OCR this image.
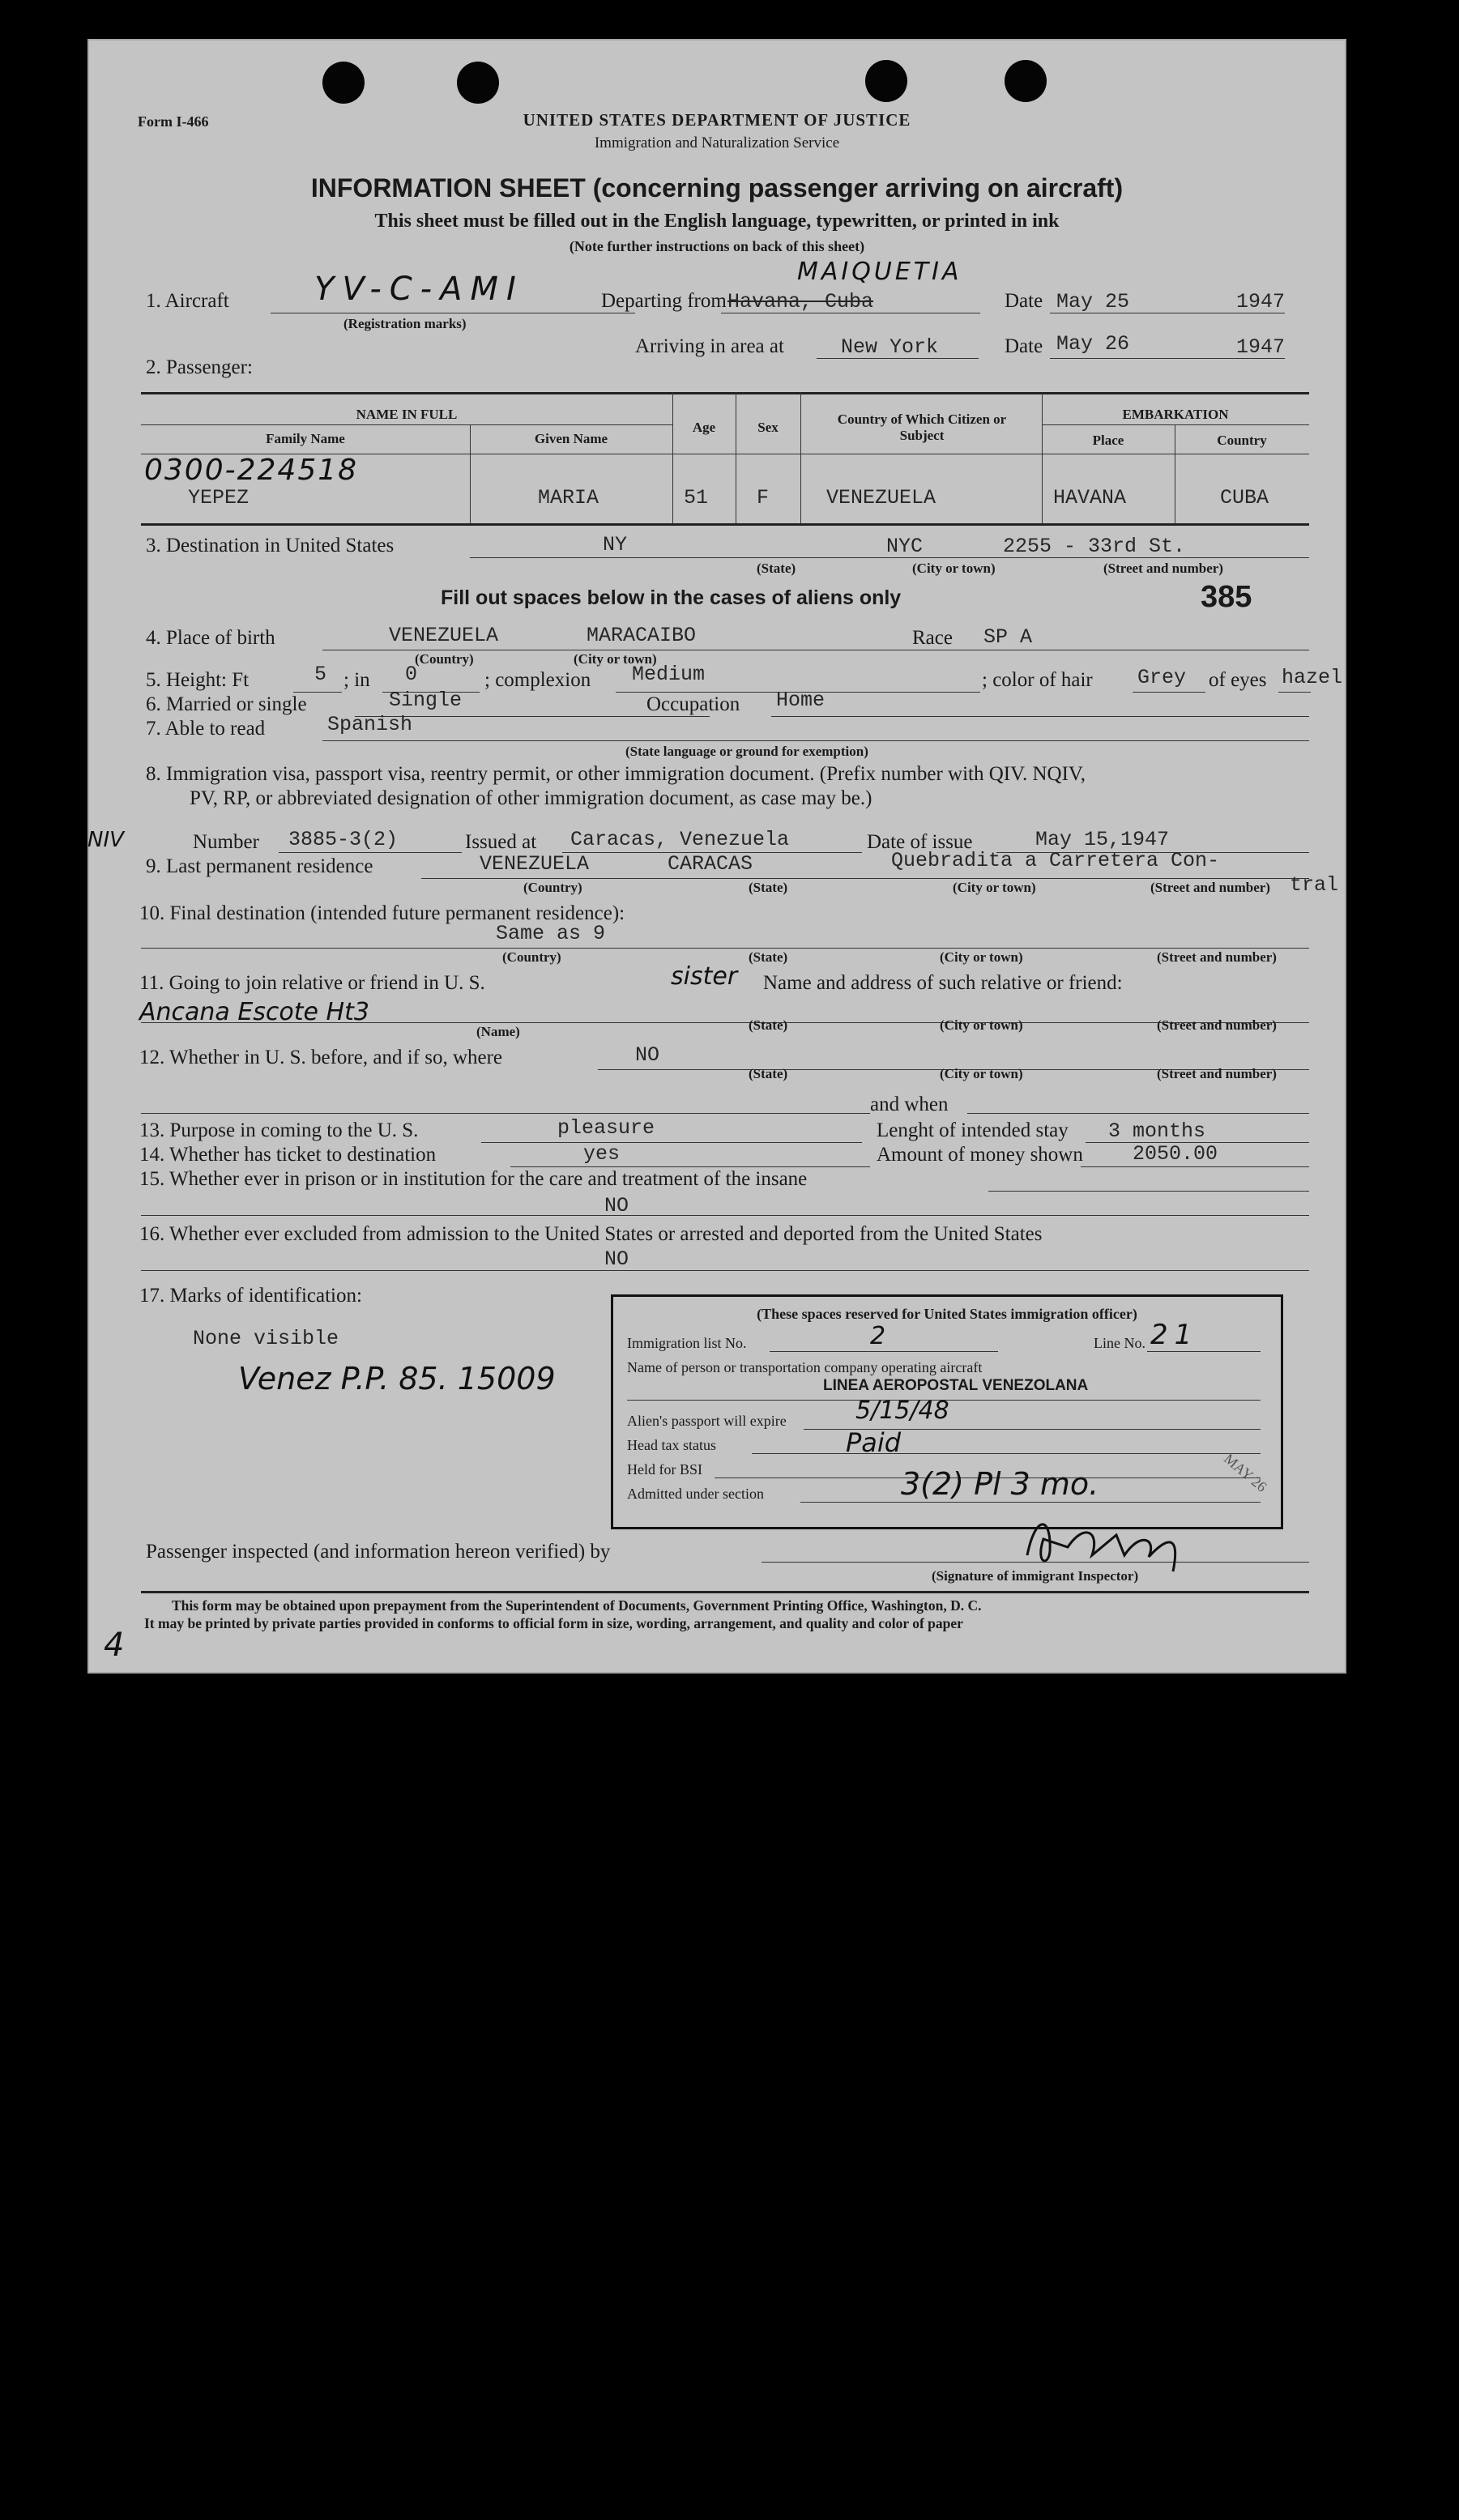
Form I-466	UNITED STATES DEPARTMENT OF JUSTICE
Immigration and Naturalization Service
INFORMATION SHEET (concerning passenger arriving on aircraft)
This sheet must be filled out in the English language, typewritten, or printed in ink
(Note further instructions on back of this sheet)
1. Aircraft	YV-C-AMI
(Registration marks)
Departing from Havana, Cuba
MAIQUETIA
Date May 25	1947
Arriving in area at	New York	Date May 26	1947
2. Passenger:
NAME IN FULL
Family Name	Given Name
Age	Sex
Country of Which Citizen or Subject
EMBARKATION
Place	Country
0300-224518
YEPEZ	MARIA	51 F	VENEZUELA	HAVANA	CUBA
3. Destination in United States	NY	NYC	2255 - 33rd St.
(State)	(City or town)	(Street and number)
Fill out spaces below in the cases of aliens only	385
4. Place of birth	VENEZUELA	MARACAIBO
(Country)	(City or town)
Race SP A
5. Height: Ft	5 ; in 0	; complexion Medium	; color of hair Grey of eyes hazel
6. Married or single	Single	Occupation Home
7. Able to read	Spanish
(State language or ground for exemption)
8. Immigration visa, passport visa, reentry permit, or other immigration document. (Prefix number with QIV. NQIV,
PV, RP, or abbreviated designation of other immigration document, as case may be.)
NIV	Number 3885-3(2)	Issued at Caracas, Venezuela	Date of issue	May 15,1947
9. Last permanent residence	VENEZUELA	CARACAS	Quebradita a Carretera Con-
tral
(Country)	(State)	(City or town)	(Street and number)
10. Final destination (intended future permanent residence):
Same as 9
(Country)	(State)	(City or town)	(Street and number)
11. Going to join relative or friend in U. S.	sister Name and address of such relative or friend:
Ancana Escote Ht3
(Name)	(State)	(City or town)	(Street and number)
12. Whether in U. S. before, and if so, where	NO
(State)	(City or town)	(Street and number)
and when
13. Purpose in coming to the U. S.	pleasure	Lenght of intended stay 3 months
14. Whether has ticket to destination	yes	Amount of money shown 2050.00
15. Whether ever in prison or in institution for the care and treatment of the insane
NO
16. Whether ever excluded from admission to the United States or arrested and deported from the United States
NO
17. Marks of identification:
None visible
Venez P.P. 85. 15009
(These spaces reserved for United States immigration officer)
Immigration list No.	2	Line No. 21
Name of person or transportation company operating aircraft
LINEA AEROPOSTAL VENEZOLANA
Alien's passport will expire	5/15/48
Head tax status	Paid
Held for BSI
Admitted under section	3(2) Pl 3 mo.	MAY 26
Passenger inspected (and information hereon verified) by
(Signature of immigrant Inspector)
This form may be obtained upon prepayment from the Superintendent of Documents, Government Printing Office, Washington, D. C.
It may be printed by private parties provided in conforms to official form in size, wording, arrangement, and quality and color of paper
4
